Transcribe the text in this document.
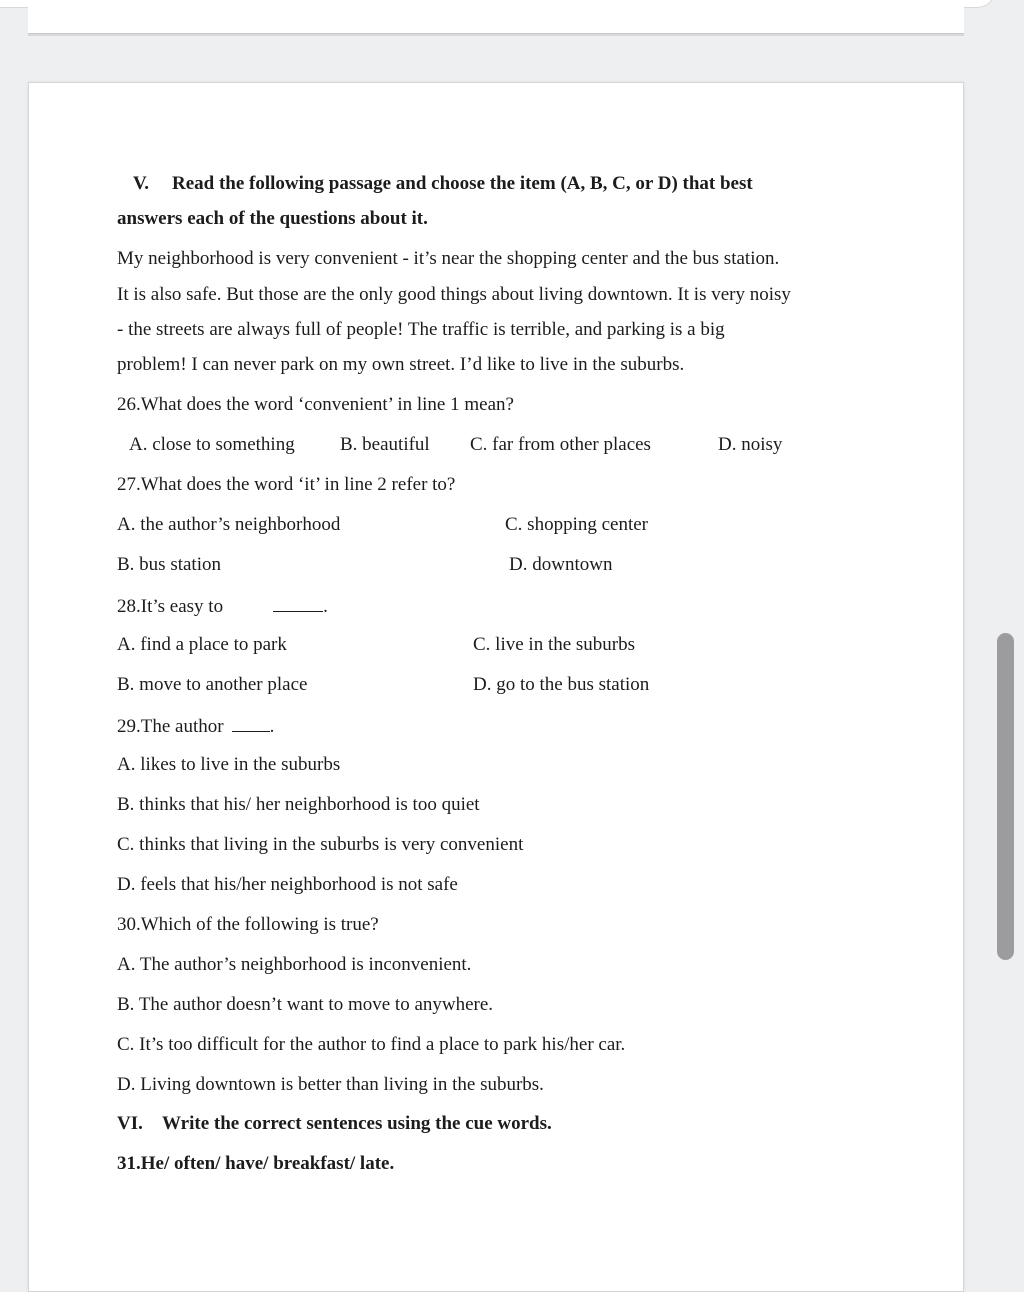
V. Read the following passage and choose the item (A, B, C, or D) that best
answers each of the questions about it.
My neighborhood is very convenient - it’s near the shopping center and the bus station.
It is also safe. But those are the only good things about living downtown. It is very noisy
- the streets are always full of people! The traffic is terrible, and parking is a big
problem! I can never park on my own street. I’d like to live in the suburbs.
26.What does the word ‘convenient’ in line 1 mean?
A. close to something B. beautiful C. far from other places	D. noisy
27.What does the word ‘it’ in line 2 refer to?
A. the author’s neighborhood	C. shopping center
B. bus station	D. downtown
28.It’s easy to	.
A. find a place to park	C. live in the suburbs
B. move to another place	D. go to the bus station
29.The author .
A. likes to live in the suburbs
B. thinks that his/ her neighborhood is too quiet
C. thinks that living in the suburbs is very convenient
D. feels that his/her neighborhood is not safe
30.Which of the following is true?
A. The author’s neighborhood is inconvenient.
B. The author doesn’t want to move to anywhere.
C. It’s too difficult for the author to find a place to park his/her car.
D. Living downtown is better than living in the suburbs.
VI. Write the correct sentences using the cue words.
31.He/ often/ have/ breakfast/ late.
